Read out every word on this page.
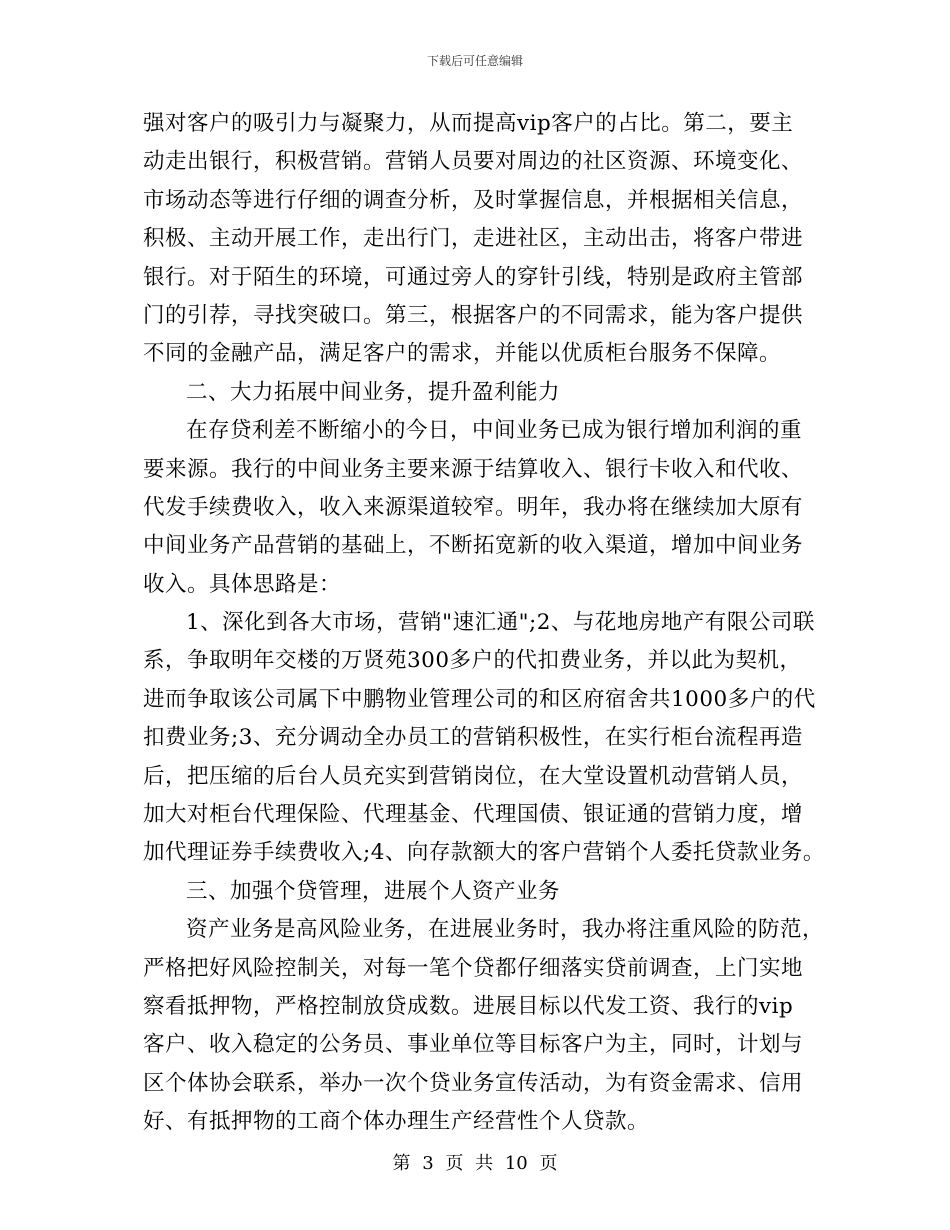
下载后可任意编辑
强对客户的吸引力与凝聚力，从而提高vip客户的占比。第二，要主
动走出银行，积极营销。营销人员要对周边的社区资源、环境变化、
市场动态等进行仔细的调查分析，及时掌握信息，并根据相关信息，
积极、主动开展工作，走出行门，走进社区，主动出击，将客户带进
银行。对于陌生的环境，可通过旁人的穿针引线，特别是政府主管部
门的引荐，寻找突破口。第三，根据客户的不同需求，能为客户提供
不同的金融产品，满足客户的需求，并能以优质柜台服务不保障。
二、大力拓展中间业务，提升盈利能力
在存贷利差不断缩小的今日，中间业务已成为银行增加利润的重
要来源。我行的中间业务主要来源于结算收入、银行卡收入和代收、
代发手续费收入，收入来源渠道较窄。明年，我办将在继续加大原有
中间业务产品营销的基础上，不断拓宽新的收入渠道，增加中间业务
收入。具体思路是：
1、深化到各大市场，营销"速汇通";2、与花地房地产有限公司联
系，争取明年交楼的万贤苑300多户的代扣费业务，并以此为契机，
进而争取该公司属下中鹏物业管理公司的和区府宿舍共1000多户的代
扣费业务;3、充分调动全办员工的营销积极性，在实行柜台流程再造
后，把压缩的后台人员充实到营销岗位，在大堂设置机动营销人员，
加大对柜台代理保险、代理基金、代理国债、银证通的营销力度，增
加代理证券手续费收入;4、向存款额大的客户营销个人委托贷款业务。
三、加强个贷管理，进展个人资产业务
资产业务是高风险业务，在进展业务时，我办将注重风险的防范，
严格把好风险控制关，对每一笔个贷都仔细落实贷前调查，上门实地
察看抵押物，严格控制放贷成数。进展目标以代发工资、我行的vip
客户、收入稳定的公务员、事业单位等目标客户为主，同时，计划与
区个体协会联系，举办一次个贷业务宣传活动，为有资金需求、信用
好、有抵押物的工商个体办理生产经营性个人贷款。
第 3 页 共 10 页
